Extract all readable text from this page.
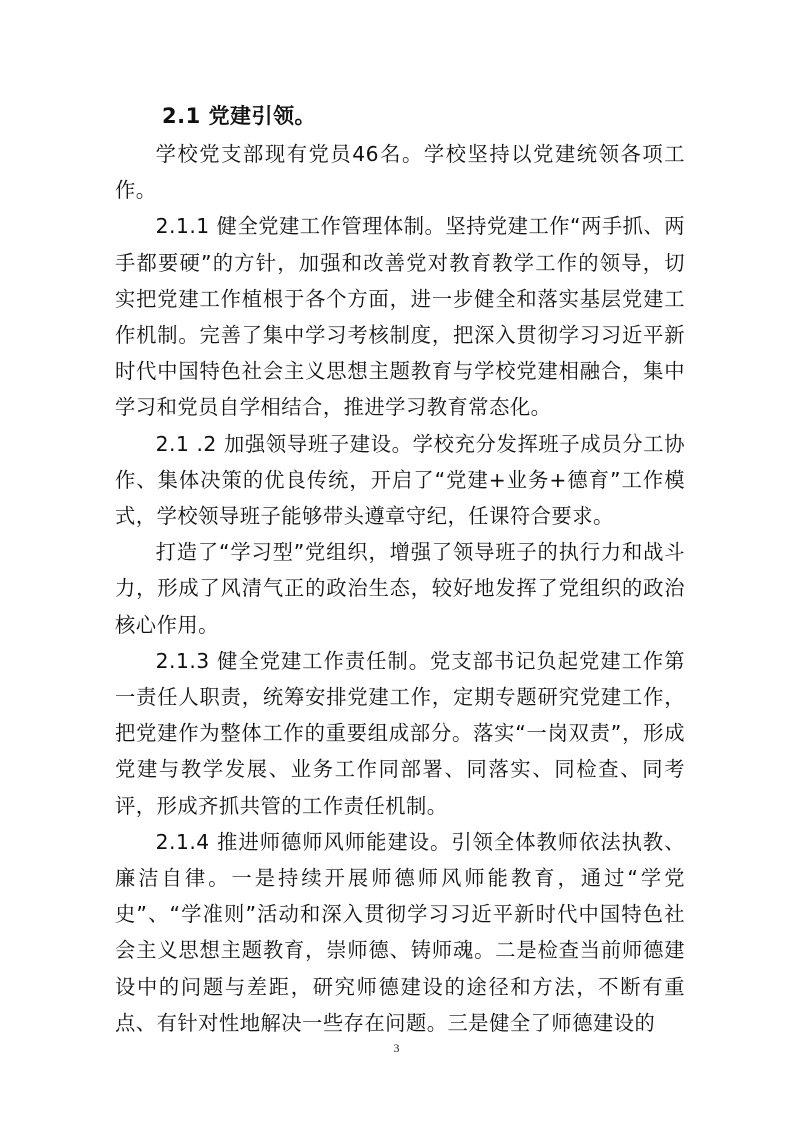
2.1 党建引领。

学校党支部现有党员46名。学校坚持以党建统领各项工作。

2.1.1 健全党建工作管理体制。坚持党建工作“两手抓、两手都要硬”的方针，加强和改善党对教育教学工作的领导，切实把党建工作植根于各个方面，进一步健全和落实基层党建工作机制。完善了集中学习考核制度，把深入贯彻学习习近平新时代中国特色社会主义思想主题教育与学校党建相融合，集中学习和党员自学相结合，推进学习教育常态化。

2.1 .2 加强领导班子建设。学校充分发挥班子成员分工协作、集体决策的优良传统，开启了“党建+业务+德育”工作模式，学校领导班子能够带头遵章守纪，任课符合要求。

打造了“学习型”党组织，增强了领导班子的执行力和战斗力，形成了风清气正的政治生态，较好地发挥了党组织的政治核心作用。

2.1.3 健全党建工作责任制。党支部书记负起党建工作第一责任人职责，统筹安排党建工作，定期专题研究党建工作，把党建作为整体工作的重要组成部分。落实“一岗双责”，形成党建与教学发展、业务工作同部署、同落实、同检查、同考评，形成齐抓共管的工作责任机制。

2.1.4 推进师德师风师能建设。引领全体教师依法执教、廉洁自律。一是持续开展师德师风师能教育，通过“学党史”、“学准则”活动和深入贯彻学习习近平新时代中国特色社会主义思想主题教育，崇师德、铸师魂。二是检查当前师德建设中的问题与差距，研究师德建设的途径和方法，不断有重点、有针对性地解决一些存在问题。三是健全了师德建设的

3
